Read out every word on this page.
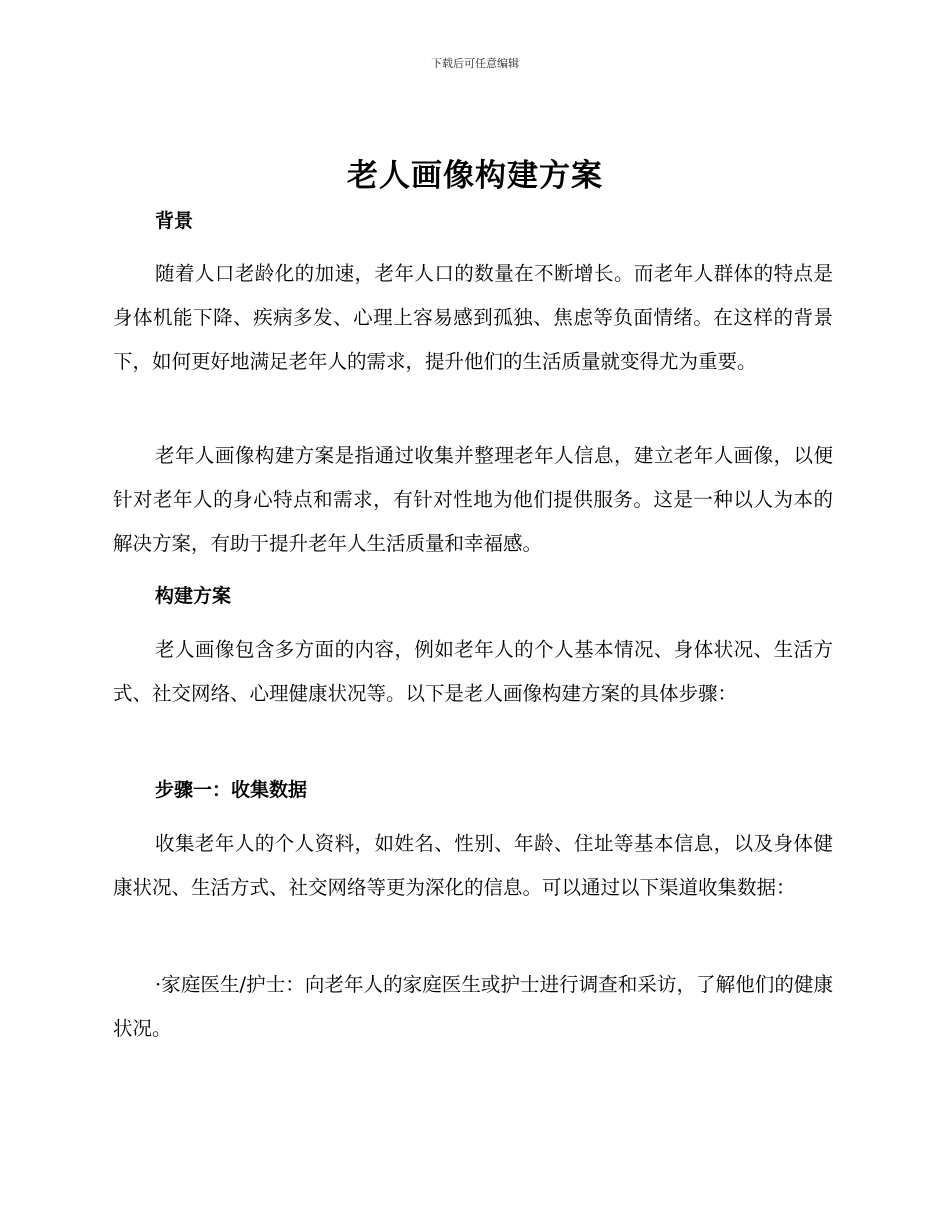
下载后可任意编辑
老人画像构建方案

背景

随着人口老龄化的加速，老年人口的数量在不断增长。而老年人群体的特点是身体机能下降、疾病多发、心理上容易感到孤独、焦虑等负面情绪。在这样的背景下，如何更好地满足老年人的需求，提升他们的生活质量就变得尤为重要。

老年人画像构建方案是指通过收集并整理老年人信息，建立老年人画像，以便针对老年人的身心特点和需求，有针对性地为他们提供服务。这是一种以人为本的解决方案，有助于提升老年人生活质量和幸福感。

构建方案

老人画像包含多方面的内容，例如老年人的个人基本情况、身体状况、生活方式、社交网络、心理健康状况等。以下是老人画像构建方案的具体步骤：

步骤一：收集数据

收集老年人的个人资料，如姓名、性别、年龄、住址等基本信息，以及身体健康状况、生活方式、社交网络等更为深化的信息。可以通过以下渠道收集数据：

·家庭医生/护士：向老年人的家庭医生或护士进行调查和采访，了解他们的健康状况。
